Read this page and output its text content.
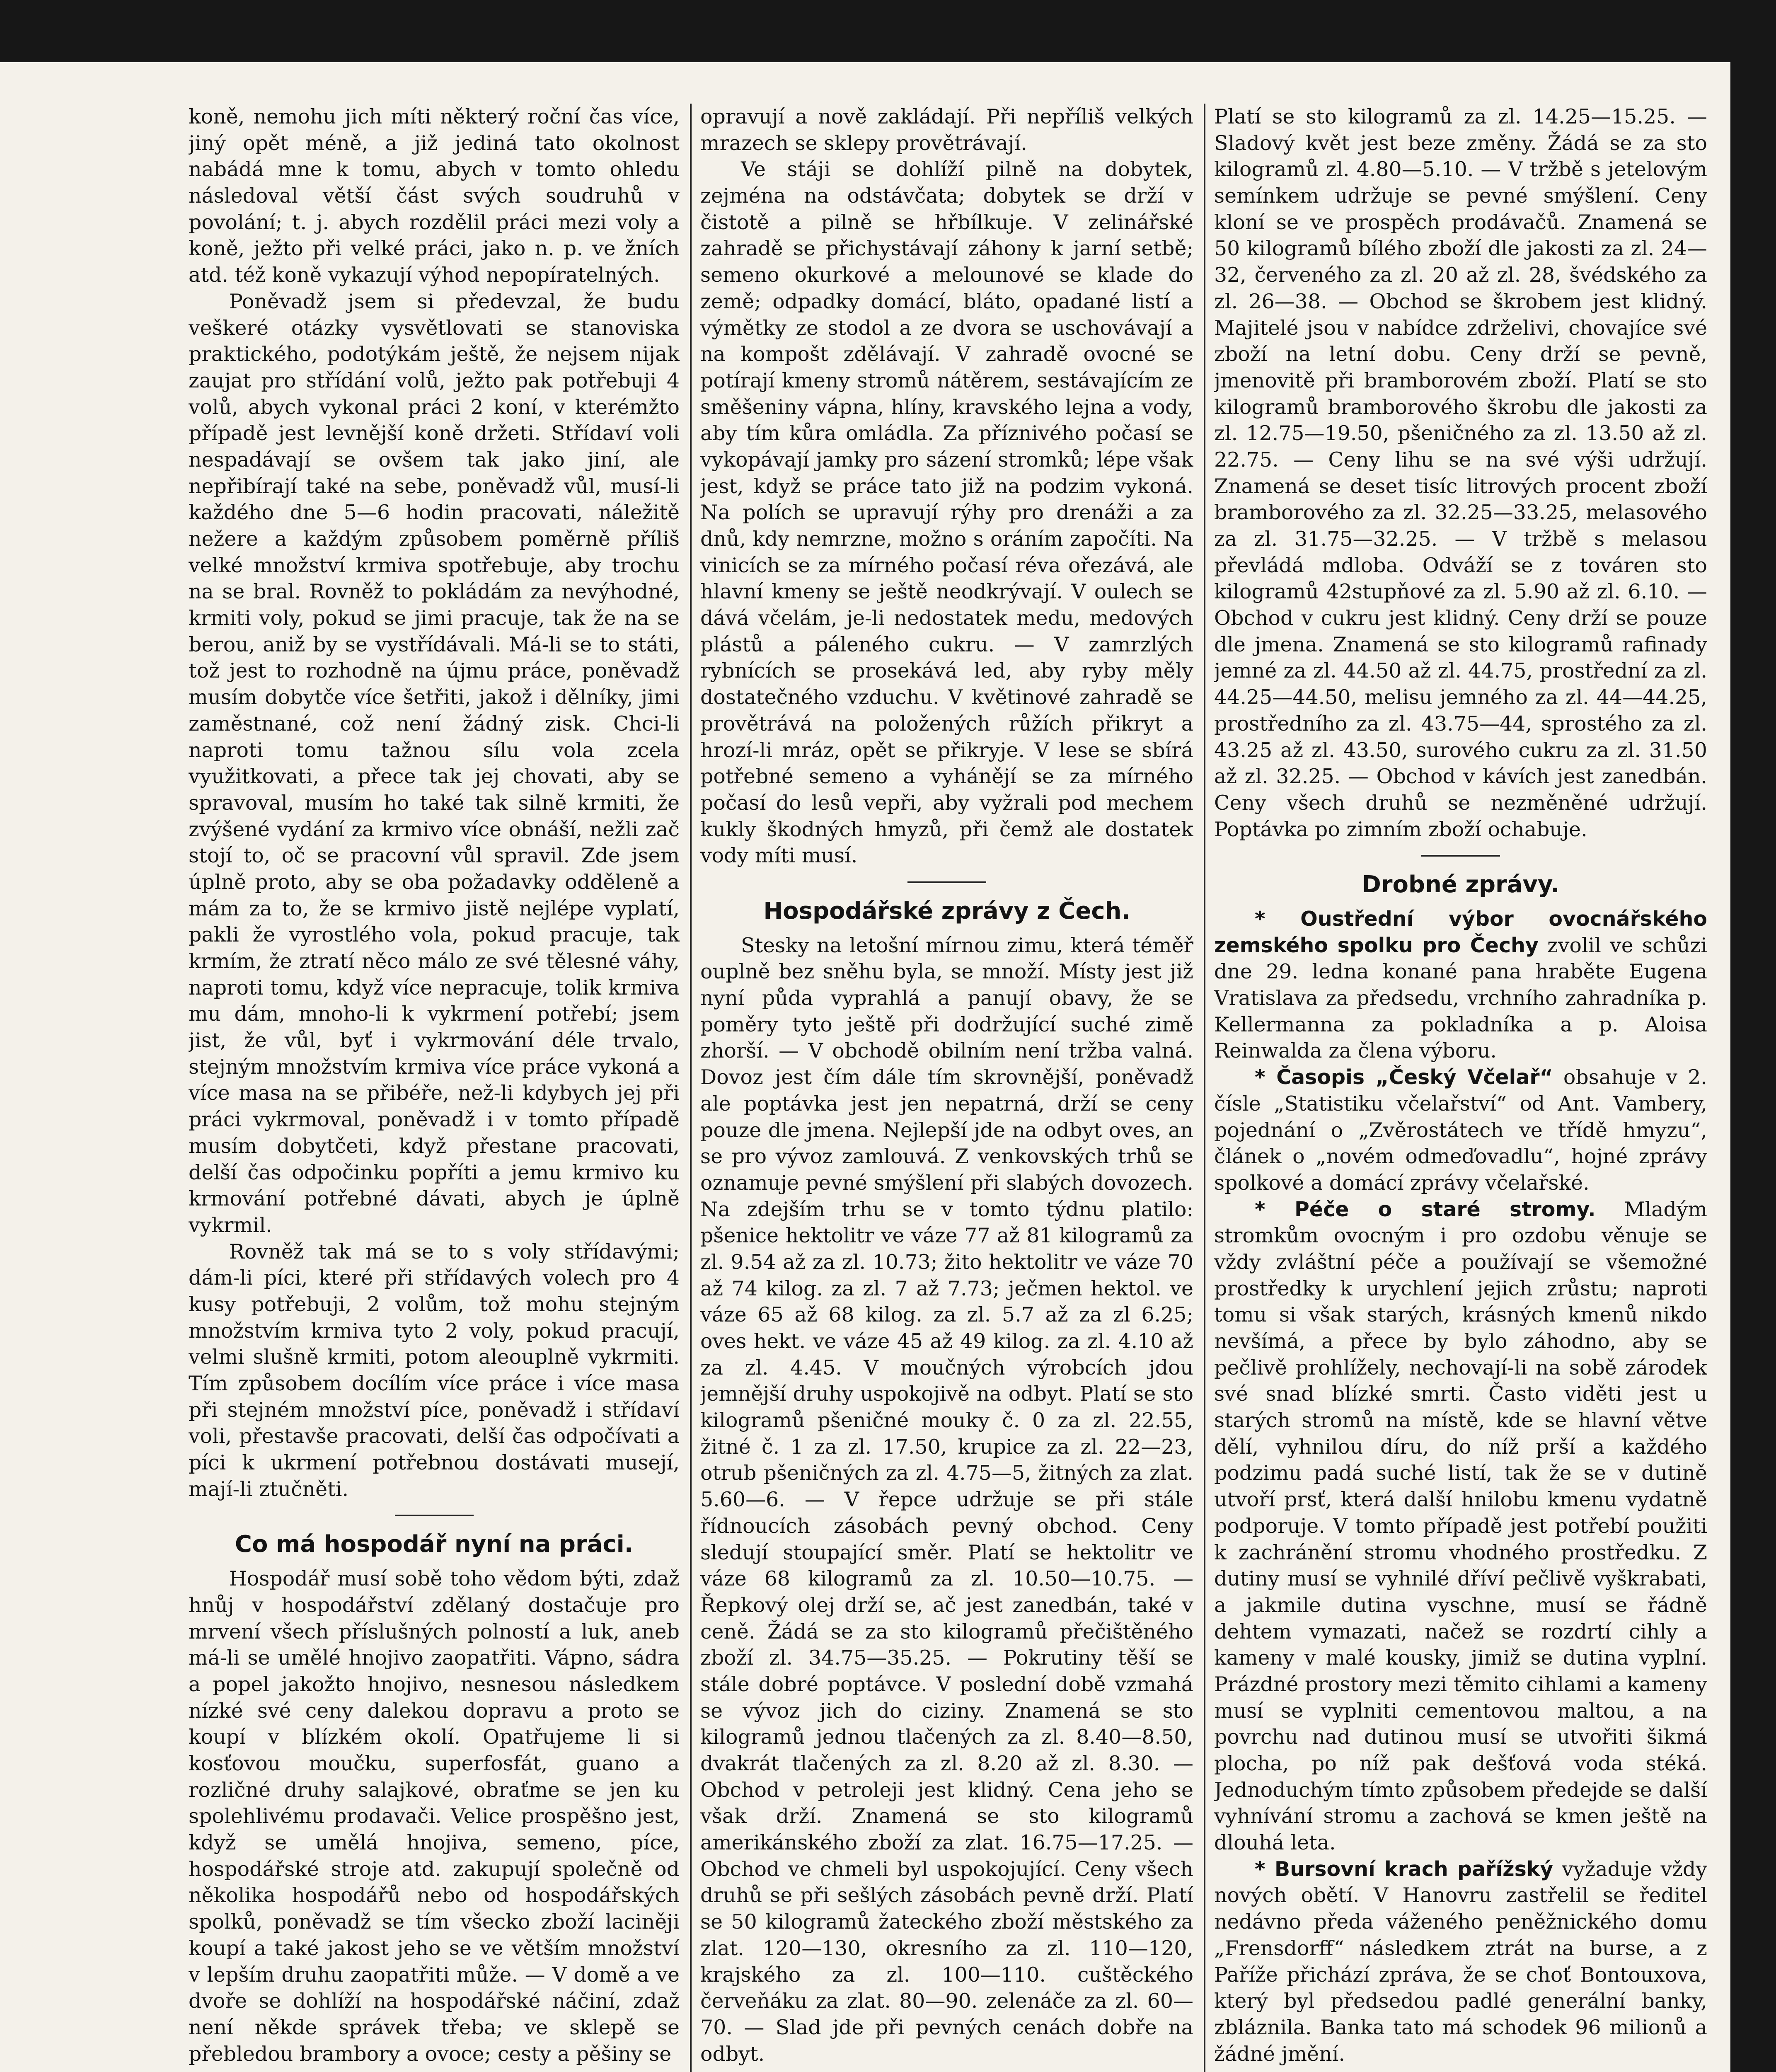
koně, nemohu jich míti některý roční čas více, jiný opět méně, a již jediná tato okolnost nabádá mne k tomu, abych v tomto ohledu následoval větší část svých soudruhů v povolání; t. j. abych rozdělil práci mezi voly a koně, ježto při velké práci, jako n. p. ve žních atd. též koně vykazují výhod nepopíratelných.

Poněvadž jsem si předevzal, že budu veškeré otázky vysvětlovati se stanoviska praktického, podotýkám ještě, že nejsem nijak zaujat pro střídání volů, ježto pak potřebuji 4 volů, abych vykonal práci 2 koní, v kterémžto případě jest levnější koně držeti. Střídaví voli nespadávají se ovšem tak jako jiní, ale nepřibírají také na sebe, poněvadž vůl, musí-li každého dne 5—6 hodin pracovati, náležitě nežere a každým způsobem poměrně příliš velké množství krmiva spotřebuje, aby trochu na se bral. Rovněž to pokládám za nevýhodné, krmiti voly, pokud se jimi pracuje, tak že na se berou, aniž by se vystřídávali. Má-li se to státi, tož jest to rozhodně na újmu práce, poněvadž musím dobytče více šetřiti, jakož i dělníky, jimi zaměstnané, což není žádný zisk. Chci-li naproti tomu tažnou sílu vola zcela využitkovati, a přece tak jej chovati, aby se spravoval, musím ho také tak silně krmiti, že zvýšené vydání za krmivo více obnáší, nežli zač stojí to, oč se pracovní vůl spravil. Zde jsem úplně proto, aby se oba požadavky odděleně a mám za to, že se krmivo jistě nejlépe vyplatí, pakli že vyrostlého vola, pokud pracuje, tak krmím, že ztratí něco málo ze své tělesné váhy, naproti tomu, když více nepracuje, tolik krmiva mu dám, mnoho-li k vykrmení potřebí; jsem jist, že vůl, byť i vykrmování déle trvalo, stejným množstvím krmiva více práce vykoná a více masa na se přibéře, než-li kdybych jej při práci vykrmoval, poněvadž i v tomto případě musím dobytčeti, když přestane pracovati, delší čas odpočinku popříti a jemu krmivo ku krmování potřebné dávati, abych je úplně vykrmil.

Rovněž tak má se to s voly střídavými; dám-li píci, které při střídavých volech pro 4 kusy potřebuji, 2 volům, tož mohu stejným množstvím krmiva tyto 2 voly, pokud pracují, velmi slušně krmiti, potom aleouplně vykrmiti. Tím způsobem docílím více práce i více masa při stejném množství píce, poněvadž i střídaví voli, přestavše pracovati, delší čas odpočívati a píci k ukrmení potřebnou dostávati musejí, mají-li ztučněti.

Co má hospodář nyní na práci.

Hospodář musí sobě toho vědom býti, zdaž hnůj v hospodářství zdělaný dostačuje pro mrvení všech příslušných polností a luk, aneb má-li se umělé hnojivo zaopatřiti. Vápno, sádra a popel jakožto hnojivo, nesnesou následkem nízké své ceny dalekou dopravu a proto se koupí v blízkém okolí. Opatřujeme li si kosťovou moučku, superfosfát, guano a rozličné druhy salajkové, obraťme se jen ku spolehlivému prodavači. Velice prospěšno jest, když se umělá hnojiva, semeno, píce, hospodářské stroje atd. zakupují společně od několika hospodářů nebo od hospodářských spolků, poněvadž se tím všecko zboží laciněji koupí a také jakost jeho se ve větším množství v lepším druhu zaopatřiti může. — V domě a ve dvoře se dohlíží na hospodářské náčiní, zdaž není někde správek třeba; ve sklepě se přebledou brambory a ovoce; cesty a pěšiny se

opravují a nově zakládají. Při nepříliš velkých mrazech se sklepy provětrávají.

Ve stáji se dohlíží pilně na dobytek, zejména na odstávčata; dobytek se drží v čistotě a pilně se hřbílkuje. V zelinářské zahradě se přichystávají záhony k jarní setbě; semeno okurkové a melounové se klade do země; odpadky domácí, bláto, opadané listí a výmětky ze stodol a ze dvora se uschovávají a na kompošt zdělávají. V zahradě ovocné se potírají kmeny stromů nátěrem, sestávajícím ze směšeniny vápna, hlíny, kravského lejna a vody, aby tím kůra omládla. Za příznivého počasí se vykopávají jamky pro sázení stromků; lépe však jest, když se práce tato již na podzim vykoná. Na polích se upravují rýhy pro drenáži a za dnů, kdy nemrzne, možno s oráním započíti. Na vinicích se za mírného počasí réva ořezává, ale hlavní kmeny se ještě neodkrývají. V oulech se dává včelám, je-li nedostatek medu, medových plástů a páleného cukru. — V zamrzlých rybnících se prosekává led, aby ryby měly dostatečného vzduchu. V květinové zahradě se provětrává na položených růžích přikryt a hrozí-li mráz, opět se přikryje. V lese se sbírá potřebné semeno a vyhánějí se za mírného počasí do lesů vepři, aby vyžrali pod mechem kukly škodných hmyzů, při čemž ale dostatek vody míti musí.

Hospodářské zprávy z Čech.

Stesky na letošní mírnou zimu, která téměř ouplně bez sněhu byla, se množí. Místy jest již nyní půda vyprahlá a panují obavy, že se poměry tyto ještě při dodržující suché zimě zhorší. — V obchodě obilním není tržba valná. Dovoz jest čím dále tím skrovnější, poněvadž ale poptávka jest jen nepatrná, drží se ceny pouze dle jmena. Nejlepší jde na odbyt oves, an se pro vývoz zamlouvá. Z venkovských trhů se oznamuje pevné smýšlení při slabých dovozech. Na zdejším trhu se v tomto týdnu platilo: pšenice hektolitr ve váze 77 až 81 kilogramů za zl. 9.54 až za zl. 10.73; žito hektolitr ve váze 70 až 74 kilog. za zl. 7 až 7.73; ječmen hektol. ve váze 65 až 68 kilog. za zl. 5.7 až za zl 6.25; oves hekt. ve váze 45 až 49 kilog. za zl. 4.10 až za zl. 4.45. V moučných výrobcích jdou jemnější druhy uspokojivě na odbyt. Platí se sto kilogramů pšeničné mouky č. 0 za zl. 22.55, žitné č. 1 za zl. 17.50, krupice za zl. 22—23, otrub pšeničných za zl. 4.75—5, žitných za zlat. 5.60—6. — V řepce udržuje se při stále řídnoucích zásobách pevný obchod. Ceny sledují stoupající směr. Platí se hektolitr ve váze 68 kilogramů za zl. 10.50—10.75. — Řepkový olej drží se, ač jest zanedbán, také v ceně. Žádá se za sto kilogramů přečištěného zboží zl. 34.75—35.25. — Pokrutiny těší se stále dobré poptávce. V poslední době vzmahá se vývoz jich do ciziny. Znamená se sto kilogramů jednou tlačených za zl. 8.40—8.50, dvakrát tlačených za zl. 8.20 až zl. 8.30. — Obchod v petroleji jest klidný. Cena jeho se však drží. Znamená se sto kilogramů amerikánského zboží za zlat. 16.75—17.25. — Obchod ve chmeli byl uspokojující. Ceny všech druhů se při sešlých zásobách pevně drží. Platí se 50 kilogramů žateckého zboží městského za zlat. 120—130, okresního za zl. 110—120, krajského za zl. 100—110. cuštěckého červeňáku za zlat. 80—90. zelenáče za zl. 60—70. — Slad jde při pevných cenách dobře na odbyt.

Platí se sto kilogramů za zl. 14.25—15.25. — Sladový květ jest beze změny. Žádá se za sto kilogramů zl. 4.80—5.10. — V tržbě s jetelovým semínkem udržuje se pevné smýšlení. Ceny kloní se ve prospěch prodávačů. Znamená se 50 kilogramů bílého zboží dle jakosti za zl. 24—32, červeného za zl. 20 až zl. 28, švédského za zl. 26—38. — Obchod se škrobem jest klidný. Majitelé jsou v nabídce zdrželivi, chovajíce své zboží na letní dobu. Ceny drží se pevně, jmenovitě při bramborovém zboží. Platí se sto kilogramů bramborového škrobu dle jakosti za zl. 12.75—19.50, pšeničného za zl. 13.50 až zl. 22.75. — Ceny lihu se na své výši udržují. Znamená se deset tisíc litrových procent zboží bramborového za zl. 32.25—33.25, melasového za zl. 31.75—32.25. — V tržbě s melasou převládá mdloba. Odváží se z továren sto kilogramů 42stupňové za zl. 5.90 až zl. 6.10. — Obchod v cukru jest klidný. Ceny drží se pouze dle jmena. Znamená se sto kilogramů rafinady jemné za zl. 44.50 až zl. 44.75, prostřední za zl. 44.25—44.50, melisu jemného za zl. 44—44.25, prostředního za zl. 43.75—44, sprostého za zl. 43.25 až zl. 43.50, surového cukru za zl. 31.50 až zl. 32.25. — Obchod v kávích jest zanedbán. Ceny všech druhů se nezměněné udržují. Poptávka po zimním zboží ochabuje.

Drobné zprávy.

* Oustřední výbor ovocnářského zemského spolku pro Čechy zvolil ve schůzi dne 29. ledna konané pana hraběte Eugena Vratislava za předsedu, vrchního zahradníka p. Kellermanna za pokladníka a p. Aloisa Reinwalda za člena výboru.

* Časopis „Český Včelař“ obsahuje v 2. čísle „Statistiku včelařství“ od Ant. Vambery, pojednání o „Zvěrostátech ve třídě hmyzu“, článek o „novém odmeďovadlu“, hojné zprávy spolkové a domácí zprávy včelařské.

* Péče o staré stromy. Mladým stromkům ovocným i pro ozdobu věnuje se vždy zvláštní péče a používají se všemožné prostředky k urychlení jejich zrůstu; naproti tomu si však starých, krásných kmenů nikdo nevšímá, a přece by bylo záhodno, aby se pečlivě prohlížely, nechovají-li na sobě zárodek své snad blízké smrti. Často viděti jest u starých stromů na místě, kde se hlavní větve dělí, vyhnilou díru, do níž prší a každého podzimu padá suché listí, tak že se v dutině utvoří prsť, která další hnilobu kmenu vydatně podporuje. V tomto případě jest potřebí použiti k zachránění stromu vhodného prostředku. Z dutiny musí se vyhnilé dříví pečlivě vyškrabati, a jakmile dutina vyschne, musí se řádně dehtem vymazati, načež se rozdrtí cihly a kameny v malé kousky, jimiž se dutina vyplní. Prázdné prostory mezi těmito cihlami a kameny musí se vyplniti cementovou maltou, a na povrchu nad dutinou musí se utvořiti šikmá plocha, po níž pak dešťová voda stéká. Jednoduchým tímto způsobem předejde se další vyhnívání stromu a zachová se kmen ještě na dlouhá leta.

* Bursovní krach pařížský vyžaduje vždy nových obětí. V Hanovru zastřelil se ředitel nedávno předa váženého peněžnického domu „Frensdorff“ následkem ztrát na burse, a z Paříže přichází zpráva, že se choť Bontouxova, který byl předsedou padlé generální banky, zbláznila. Banka tato má schodek 96 milionů a žádné jmění.
